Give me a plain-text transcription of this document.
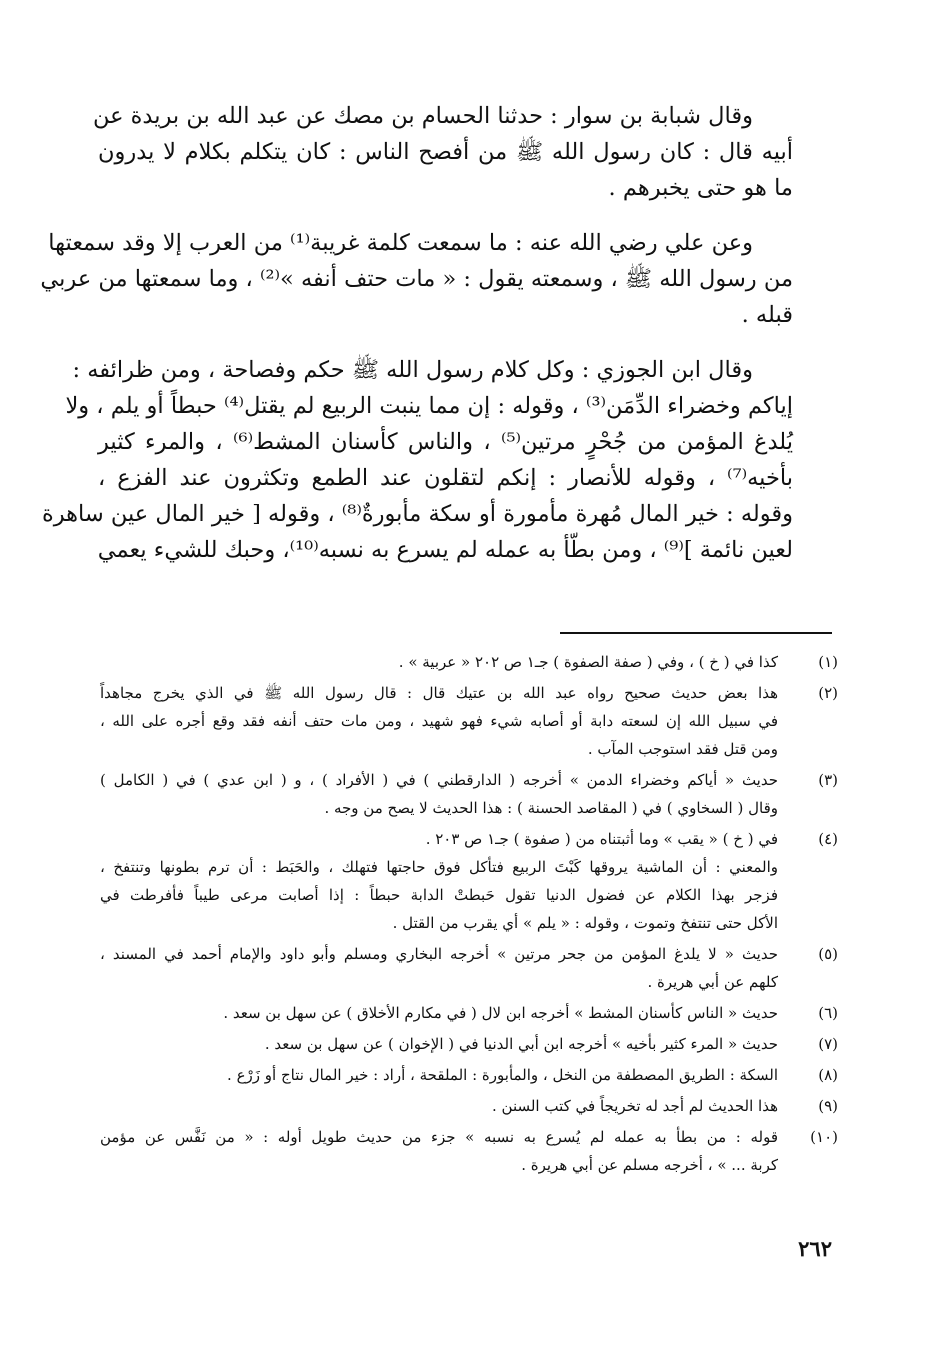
وقال شبابة بن سوار : حدثنا الحسام بن مصك عن عبد الله بن بريدة عن
أبيه قال : كان رسول الله ﷺ من أفصح الناس : كان يتكلم بكلام لا يدرون
ما هو حتى يخبرهم .
وعن علي رضي الله عنه : ما سمعت كلمة غريبة⁽¹⁾ من العرب إلا وقد سمعتها
من رسول الله ﷺ ، وسمعته يقول : « مات حتف أنفه »⁽²⁾ ، وما سمعتها من عربي
قبله .
وقال ابن الجوزي : وكل كلام رسول الله ﷺ حكم وفصاحة ، ومن ظرائفه :
إياكم وخضراء الدِّمَن⁽³⁾ ، وقوله : إن مما ينبت الربيع لم يقتل⁽⁴⁾ حبطاً أو يلم ، ولا
يُلدغ المؤمن من جُحْرٍ مرتين⁽⁵⁾ ، والناس كأسنان المشط⁽⁶⁾ ، والمرء كثير
بأخيه⁽⁷⁾ ، وقوله للأنصار : إنكم لتقلون عند الطمع وتكثرون عند الفزع ،
وقوله : خير المال مُهرة مأمورة أو سكة مأبورةٌ⁽⁸⁾ ، وقوله [ خير المال عين ساهرة
لعين نائمة ]⁽⁹⁾ ، ومن بطّأ به عمله لم يسرع به نسبه⁽¹⁰⁾، وحبك للشيء يعمي
(١)
كذا في ( خ ) ، وفي ( صفة الصفوة ) جـ١ ص ٢٠٢ « عربية » .
(٢)
هذا بعض حديث صحيح رواه عبد الله بن عتيك قال : قال رسول الله ﷺ في الذي يخرج مجاهداً
في سبيل الله إن لسعته دابة أو أصابه شيء فهو شهيد ، ومن مات حتف أنفه فقد وقع أجره على الله ،
ومن قتل فقد استوجب المآب .
(٣)
حديث « أياكم وخضراء الدمن » أخرجه ( الدارقطني ) في ( الأفراد ) ، و ( ابن عدي ) في ( الكامل )
وقال ( السخاوي ) في ( المقاصد الحسنة ) : هذا الحديث لا يصح من وجه .
(٤)
في ( خ ) « يقب » وما أثبتناه من ( صفوة ) جـ١ ص ٢٠٣ .
والمعني : أن الماشية يروقها كَبْتَ الربيع فتأكل فوق حاجتها فتهلك ، والحَبَط : أن ترم بطونها وتنتفخ ،
فزجر بهذا الكلام عن فضول الدنيا تقول حَبطتْ الدابة حبطاً : إذا أصابت مرعى طيباً فأفرطت في
الأكل حتى تنتفخ وتموت ، وقوله : « يلم » أي يقرب من القتل .
(٥)
حديث « لا يلدغ المؤمن من جحر مرتين » أخرجه البخاري ومسلم وأبو داود والإمام أحمد في المسند ،
كلهم عن أبي هريرة .
(٦)
حديث « الناس كأسنان المشط » أخرجه ابن لال ( في مكارم الأخلاق ) عن سهل بن سعد .
(٧)
حديث « المرء كثير بأخيه » أخرجه ابن أبي الدنيا في ( الإخوان ) عن سهل بن سعد .
(٨)
السكة : الطريق المصطفة من النخل ، والمأبورة : الملقحة ، أراد : خير المال نتاج أو زَرْع .
(٩)
هذا الحديث لم أجد له تخريجاً في كتب السنن .
(١٠)
قوله : من بطأ به عمله لم يُسرع به نسبه » جزء من حديث طويل أوله : « من نَفَّس عن مؤمن
كربة ... » ، أخرجه مسلم عن أبي هريرة .
٢٦٢
